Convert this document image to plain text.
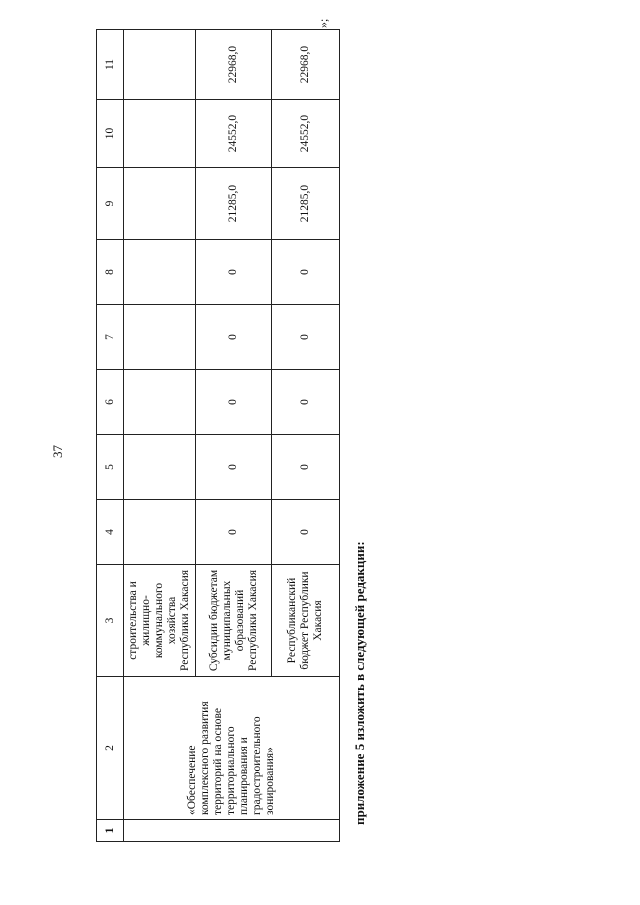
37
»;
1	2	3	4	5	6	7	8	9	10	11
	«Обеспечение комплексного развития территорий на основе территориального планирования и градостроительного зонирования»	строительства и жилищно-коммунального хозяйства Республики Хакасия								
		Субсидии бюджетам муниципальных образований Республики Хакасия	0	0	0	0	0	21285,0	24552,0	22968,0
		Республиканский бюджет Республики Хакасия	0	0	0	0	0	21285,0	24552,0	22968,0
приложение 5 изложить в следующей редакции:
